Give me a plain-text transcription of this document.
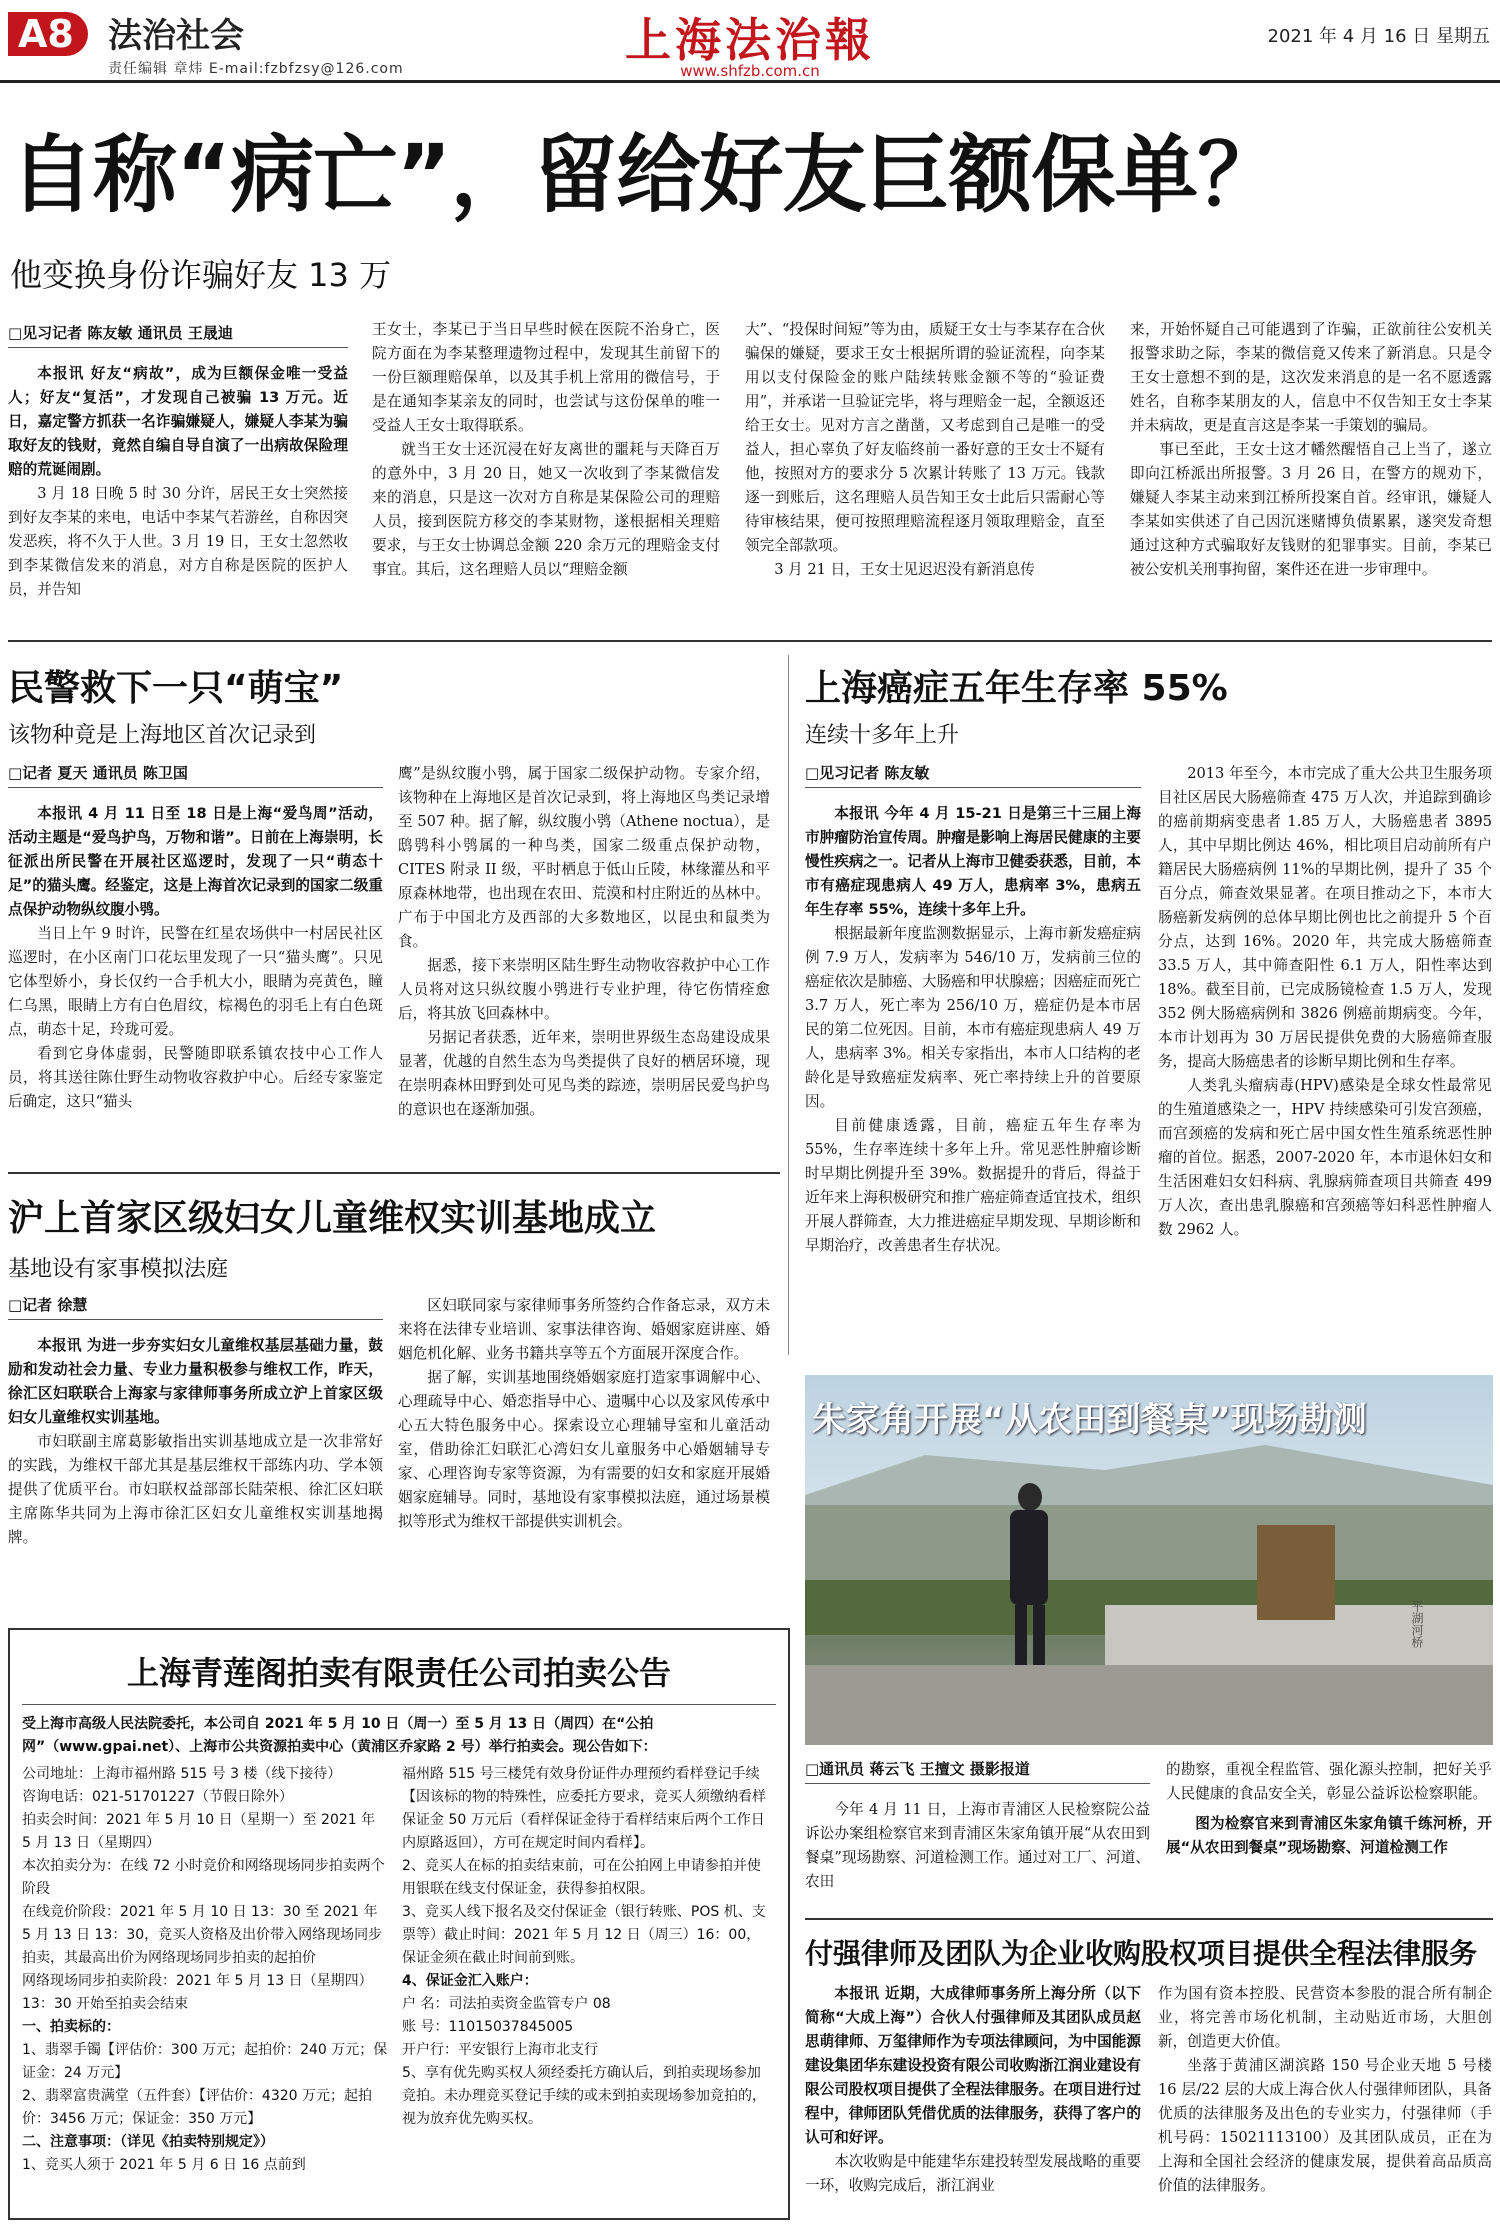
A8	法治社会
责任编辑 章炜 E-mail:fzbfzsy@126.com
上海法治報
www.shfzb.com.cn
2021 年 4 月 16 日 星期五
自称“病亡”，留给好友巨额保单？
他变换身份诈骗好友 13 万
□见习记者 陈友敏 通讯员 王晟迪

本报讯 好友“病故”，成为巨额保金唯一受益人；好友“复活”，才发现自己被骗 13 万元。近日，嘉定警方抓获一名诈骗嫌疑人，嫌疑人李某为骗取好友的钱财，竟然自编自导自演了一出病故保险理赔的荒诞闹剧。

3 月 18 日晚 5 时 30 分许，居民王女士突然接到好友李某的来电，电话中李某气若游丝，自称因突发恶疾，将不久于人世。3 月 19 日，王女士忽然收到李某微信发来的消息，对方自称是医院的医护人员，并告知

王女士，李某已于当日早些时候在医院不治身亡，医院方面在为李某整理遗物过程中，发现其生前留下的一份巨额理赔保单，以及其手机上常用的微信号，于是在通知李某亲友的同时，也尝试与这份保单的唯一受益人王女士取得联系。

就当王女士还沉浸在好友离世的噩耗与天降百万的意外中，3 月 20 日，她又一次收到了李某微信发来的消息，只是这一次对方自称是某保险公司的理赔人员，接到医院方移交的李某财物，遂根据相关理赔要求，与王女士协调总金额 220 余万元的理赔金支付事宜。其后，这名理赔人员以“理赔金额

大”、“投保时间短”等为由，质疑王女士与李某存在合伙骗保的嫌疑，要求王女士根据所谓的验证流程，向李某用以支付保险金的账户陆续转账金额不等的“验证费用”，并承诺一旦验证完毕，将与理赔金一起，全额返还给王女士。见对方言之凿凿，又考虑到自己是唯一的受益人，担心辜负了好友临终前一番好意的王女士不疑有他，按照对方的要求分 5 次累计转账了 13 万元。钱款逐一到账后，这名理赔人员告知王女士此后只需耐心等待审核结果，便可按照理赔流程逐月领取理赔金，直至领完全部款项。

3 月 21 日，王女士见迟迟没有新消息传

来，开始怀疑自己可能遇到了诈骗，正欲前往公安机关报警求助之际，李某的微信竟又传来了新消息。只是令王女士意想不到的是，这次发来消息的是一名不愿透露姓名，自称李某朋友的人，信息中不仅告知王女士李某并未病故，更是直言这是李某一手策划的骗局。

事已至此，王女士这才幡然醒悟自己上当了，遂立即向江桥派出所报警。3 月 26 日，在警方的规劝下，嫌疑人李某主动来到江桥所投案自首。经审讯，嫌疑人李某如实供述了自己因沉迷赌博负债累累，遂突发奇想通过这种方式骗取好友钱财的犯罪事实。目前，李某已被公安机关刑事拘留，案件还在进一步审理中。

民警救下一只“萌宝”
该物种竟是上海地区首次记录到
□记者 夏天 通讯员 陈卫国

本报讯 4 月 11 日至 18 日是上海“爱鸟周”活动，活动主题是“爱鸟护鸟，万物和谐”。日前在上海崇明，长征派出所民警在开展社区巡逻时，发现了一只“萌态十足”的猫头鹰。经鉴定，这是上海首次记录到的国家二级重点保护动物纵纹腹小鸮。

当日上午 9 时许，民警在红星农场供中一村居民社区巡逻时，在小区南门口花坛里发现了一只“猫头鹰”。只见它体型娇小，身长仅约一合手机大小，眼睛为亮黄色，瞳仁乌黑，眼睛上方有白色眉纹，棕褐色的羽毛上有白色斑点，萌态十足，玲珑可爱。

看到它身体虚弱，民警随即联系镇农技中心工作人员，将其送往陈仕野生动物收容救护中心。后经专家鉴定后确定，这只“猫头

鹰”是纵纹腹小鸮，属于国家二级保护动物。专家介绍，该物种在上海地区是首次记录到，将上海地区鸟类记录增至 507 种。据了解，纵纹腹小鸮（Athene noctua），是鸱鸮科小鸮属的一种鸟类，国家二级重点保护动物，CITES 附录 II 级，平时栖息于低山丘陵，林缘灌丛和平原森林地带，也出现在农田、荒漠和村庄附近的丛林中。广布于中国北方及西部的大多数地区，以昆虫和鼠类为食。

据悉，接下来崇明区陆生野生动物收容救护中心工作人员将对这只纵纹腹小鸮进行专业护理，待它伤情痊愈后，将其放飞回森林中。

另据记者获悉，近年来，崇明世界级生态岛建设成果显著，优越的自然生态为鸟类提供了良好的栖居环境，现在崇明森林田野到处可见鸟类的踪迹，崇明居民爱鸟护鸟的意识也在逐渐加强。

上海癌症五年生存率 55%
连续十多年上升
□见习记者 陈友敏

本报讯 今年 4 月 15-21 日是第三十三届上海市肿瘤防治宣传周。肿瘤是影响上海居民健康的主要慢性疾病之一。记者从上海市卫健委获悉，目前，本市有癌症现患病人 49 万人，患病率 3%，患病五年生存率 55%，连续十多年上升。

根据最新年度监测数据显示，上海市新发癌症病例 7.9 万人，发病率为 546/10 万，发病前三位的癌症依次是肺癌、大肠癌和甲状腺癌；因癌症而死亡 3.7 万人，死亡率为 256/10 万，癌症仍是本市居民的第二位死因。目前，本市有癌症现患病人 49 万人，患病率 3%。相关专家指出，本市人口结构的老龄化是导致癌症发病率、死亡率持续上升的首要原因。

目前健康透露，目前，癌症五年生存率为 55%，生存率连续十多年上升。常见恶性肿瘤诊断时早期比例提升至 39%。数据提升的背后，得益于近年来上海积极研究和推广癌症筛查适宜技术，组织开展人群筛查，大力推进癌症早期发现、早期诊断和早期治疗，改善患者生存状况。

2013 年至今，本市完成了重大公共卫生服务项目社区居民大肠癌筛查 475 万人次，并追踪到确诊的癌前期病变患者 1.85 万人，大肠癌患者 3895 人，其中早期比例达 46%，相比项目启动前所有户籍居民大肠癌病例 11%的早期比例，提升了 35 个百分点，筛查效果显著。在项目推动之下，本市大肠癌新发病例的总体早期比例也比之前提升 5 个百分点，达到 16%。2020 年，共完成大肠癌筛查 33.5 万人，其中筛查阳性 6.1 万人，阳性率达到 18%。截至目前，已完成肠镜检查 1.5 万人，发现 352 例大肠癌病例和 3826 例癌前期病变。今年，本市计划再为 30 万居民提供免费的大肠癌筛查服务，提高大肠癌患者的诊断早期比例和生存率。

人类乳头瘤病毒(HPV)感染是全球女性最常见的生殖道感染之一，HPV 持续感染可引发宫颈癌，而宫颈癌的发病和死亡居中国女性生殖系统恶性肿瘤的首位。据悉，2007-2020 年，本市退休妇女和生活困难妇女妇科病、乳腺病筛查项目共筛查 499 万人次，查出患乳腺癌和宫颈癌等妇科恶性肿瘤人数 2962 人。

沪上首家区级妇女儿童维权实训基地成立
基地设有家事模拟法庭
□记者 徐慧

本报讯 为进一步夯实妇女儿童维权基层基础力量，鼓励和发动社会力量、专业力量积极参与维权工作，昨天，徐汇区妇联联合上海家与家律师事务所成立沪上首家区级妇女儿童维权实训基地。

市妇联副主席葛影敏指出实训基地成立是一次非常好的实践，为维权干部尤其是基层维权干部练内功、学本领提供了优质平台。市妇联权益部部长陆荣根、徐汇区妇联主席陈华共同为上海市徐汇区妇女儿童维权实训基地揭牌。

区妇联同家与家律师事务所签约合作备忘录，双方未来将在法律专业培训、家事法律咨询、婚姻家庭讲座、婚姻危机化解、业务书籍共享等五个方面展开深度合作。

据了解，实训基地围绕婚姻家庭打造家事调解中心、心理疏导中心、婚恋指导中心、遗嘱中心以及家风传承中心五大特色服务中心。探索设立心理辅导室和儿童活动室，借助徐汇妇联汇心湾妇女儿童服务中心婚姻辅导专家、心理咨询专家等资源，为有需要的妇女和家庭开展婚姻家庭辅导。同时，基地设有家事模拟法庭，通过场景模拟等形式为维权干部提供实训机会。

上海青莲阁拍卖有限责任公司拍卖公告
受上海市高级人民法院委托，本公司自 2021 年 5 月 10 日（周一）至 5 月 13 日（周四）在“公拍网”（www.gpai.net）、上海市公共资源拍卖中心（黄浦区乔家路 2 号）举行拍卖会。现公告如下：
公司地址：上海市福州路 515 号 3 楼（线下接待）
咨询电话：021-51701227（节假日除外）
拍卖会时间：2021 年 5 月 10 日（星期一）至 2021 年 5 月 13 日（星期四）
本次拍卖分为：在线 72 小时竞价和网络现场同步拍卖两个阶段
在线竞价阶段：2021 年 5 月 10 日 13：30 至 2021 年 5 月 13 日 13：30，竞买人资格及出价带入网络现场同步拍卖，其最高出价为网络现场同步拍卖的起拍价
网络现场同步拍卖阶段：2021 年 5 月 13 日（星期四）13：30 开始至拍卖会结束
一、拍卖标的：
1、翡翠手镯【评估价：300 万元；起拍价：240 万元；保证金：24 万元】
2、翡翠富贵满堂（五件套）【评估价：4320 万元；起拍价：3456 万元；保证金：350 万元】
二、注意事项：（详见《拍卖特别规定》）
1、竞买人须于 2021 年 5 月 6 日 16 点前到
福州路 515 号三楼凭有效身份证件办理预约看样登记手续【因该标的物的特殊性，应委托方要求，竞买人须缴纳看样保证金 50 万元后（看样保证金待于看样结束后两个工作日内原路返回），方可在规定时间内看样】。
2、竞买人在标的拍卖结束前，可在公拍网上申请参拍并使用银联在线支付保证金，获得参拍权限。
3、竞买人线下报名及交付保证金（银行转账、POS 机、支票等）截止时间：2021 年 5 月 12 日（周三）16：00，保证金须在截止时间前到账。
4、保证金汇入账户：
户 名：司法拍卖资金监管专户 08
账 号：11015037845005
开户行：平安银行上海市北支行
5、享有优先购买权人须经委托方确认后，到拍卖现场参加竞拍。未办理竞买登记手续的或未到拍卖现场参加竞拍的，视为放弃优先购买权。
平湖河桥
朱家角开展“从农田到餐桌”现场勘测
□通讯员 蒋云飞 王擅文 摄影报道

今年 4 月 11 日，上海市青浦区人民检察院公益诉讼办案组检察官来到青浦区朱家角镇开展“从农田到餐桌”现场勘察、河道检测工作。通过对工厂、河道、农田

的勘察，重视全程监管、强化源头控制，把好关乎人民健康的食品安全关，彰显公益诉讼检察职能。

图为检察官来到青浦区朱家角镇千练河桥，开展“从农田到餐桌”现场勘察、河道检测工作

付强律师及团队为企业收购股权项目提供全程法律服务

本报讯 近期，大成律师事务所上海分所（以下简称“大成上海”）合伙人付强律师及其团队成员赵思萌律师、万玺律师作为专项法律顾问，为中国能源建设集团华东建设投资有限公司收购浙江润业建设有限公司股权项目提供了全程法律服务。在项目进行过程中，律师团队凭借优质的法律服务，获得了客户的认可和好评。

本次收购是中能建华东建投转型发展战略的重要一环，收购完成后，浙江润业

作为国有资本控股、民营资本参股的混合所有制企业，将完善市场化机制，主动贴近市场，大胆创新，创造更大价值。

坐落于黄浦区湖滨路 150 号企业天地 5 号楼 16 层/22 层的大成上海合伙人付强律师团队，具备优质的法律服务及出色的专业实力，付强律师（手机号码：15021113100）及其团队成员，正在为上海和全国社会经济的健康发展，提供着高品质高价值的法律服务。
